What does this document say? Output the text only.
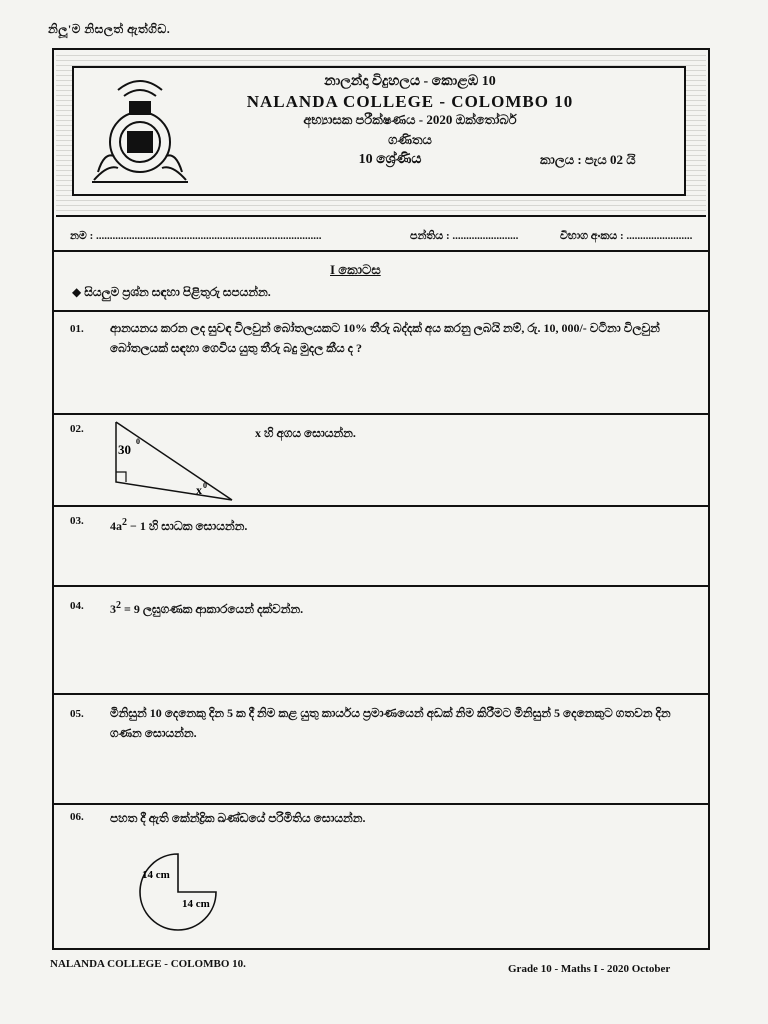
නිලූ'ම නිසලත් ඇත්ගිඩ.
නාලන්දා විදුහලය - කොළඹ 10
NALANDA COLLEGE - COLOMBO 10
අභ්‍යාසක පරීක්ෂණය - 2020 ඔක්තෝබර්
ගණිතය
10 ශ්‍රේණිය	කාලය : පැය 02 යි
නම : ..................................................................................	පන්තිය : ........................	විභාග අංකය : ........................
I කොටස
◆ සියලුම ප්‍රශ්න සඳහා පිළිතුරු සපයන්න.
01. ආනයනය කරන ලද සුවඳ විලවුන් බෝතලයකට 10% තීරු බද්දක් අය කරනු ලබයි නම්, රු. 10, 000/- වටිනා විලවුන් බෝතලයක් සඳහා ගෙවිය යුතු තීරු බදු මුදල කීය ද ?
02.
30
0
x 0
x හි අගය සොයන්න.
03. $4a^2 - 1$ හි සාධක සොයන්න.
04. $3^2 = 9$ ලඝුගණක ආකාරයෙන් දක්වන්න.
05. මිනිසුන් 10 දෙනෙකු දින 5 ක දී නිම කළ යුතු කාර්යය ප්‍රමාණයෙන් අඩක් නිම කිරීමට මිනිසුන් 5 දෙනෙකුට ගතවන දින ගණන සොයන්න.
06. පහත දී ඇති කේන්ද්‍රික ඛණ්ඩයේ පරිමිතිය සොයන්න.
14 cm
14 cm
NALANDA COLLEGE - COLOMBO 10.	Grade 10 - Maths I - 2020 October
